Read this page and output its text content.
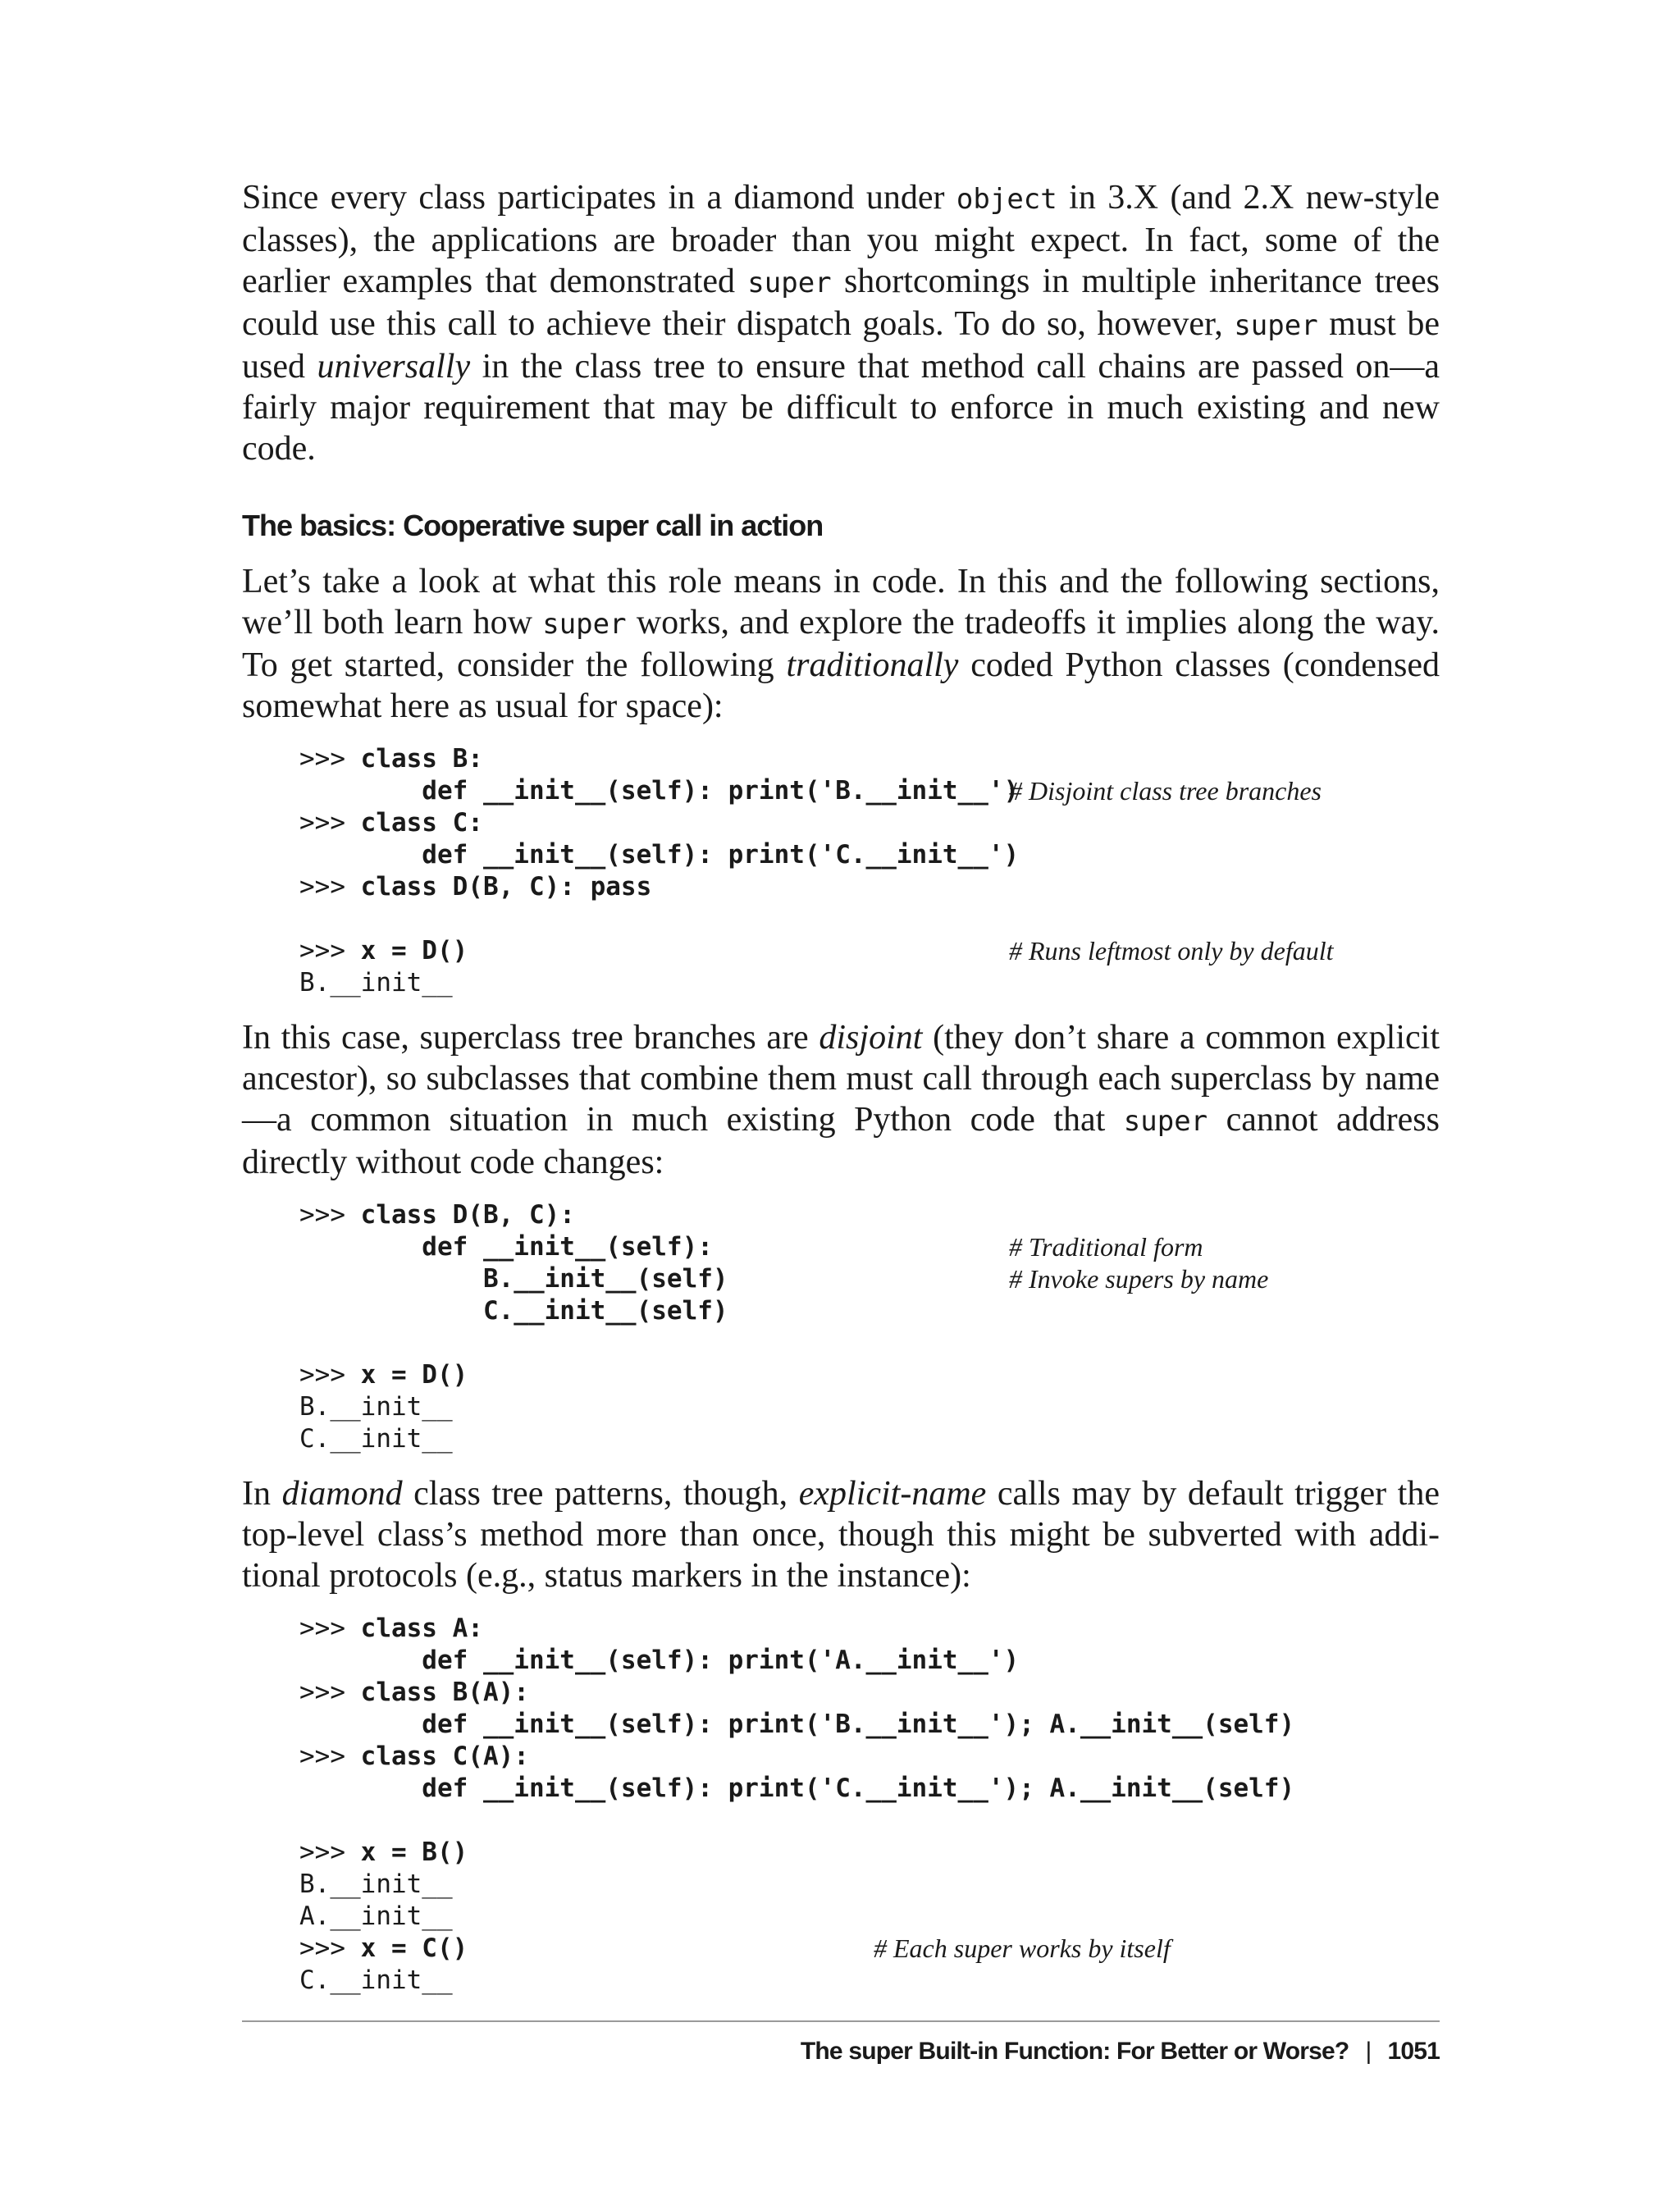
Since every class participates in a diamond under object in 3.X (and 2.X new-style classes), the applications are broader than you might expect. In fact, some of the earlier examples that demonstrated super shortcomings in multiple inheritance trees could use this call to achieve their dispatch goals. To do so, however, super must be used universally in the class tree to ensure that method call chains are passed on—a fairly major requirement that may be difficult to enforce in much existing and new code.

The basics: Cooperative super call in action

Let’s take a look at what this role means in code. In this and the following sections, we’ll both learn how super works, and explore the tradeoffs it implies along the way. To get started, consider the following traditionally coded Python classes (condensed somewhat here as usual for space):

>>> class B:
def __init__(self): print('B.__init__')
# Disjoint class tree branches
>>> class C:
def __init__(self): print('C.__init__')
>>> class D(B, C): pass
>>> x = D()	# Runs leftmost only by default
B.__init__

In this case, superclass tree branches are disjoint (they don’t share a common explicit ancestor), so subclasses that combine them must call through each superclass by name —a common situation in much existing Python code that super cannot address directly without code changes:

>>> class D(B, C):
def __init__(self):	# Traditional form
B.__init__(self)	# Invoke supers by name
C.__init__(self)
>>> x = D()
B.__init__
C.__init__

In diamond class tree patterns, though, explicit-name calls may by default trigger the top-level class’s method more than once, though this might be subverted with addi-tional protocols (e.g., status markers in the instance):

>>> class A:
def __init__(self): print('A.__init__')
>>> class B(A):
def __init__(self): print('B.__init__'); A.__init__(self)
>>> class C(A):
def __init__(self): print('C.__init__'); A.__init__(self)
>>> x = B()
B.__init__
A.__init__
>>> x = C()	# Each super works by itself
C.__init__
The super Built-in Function: For Better or Worse? | 1051
